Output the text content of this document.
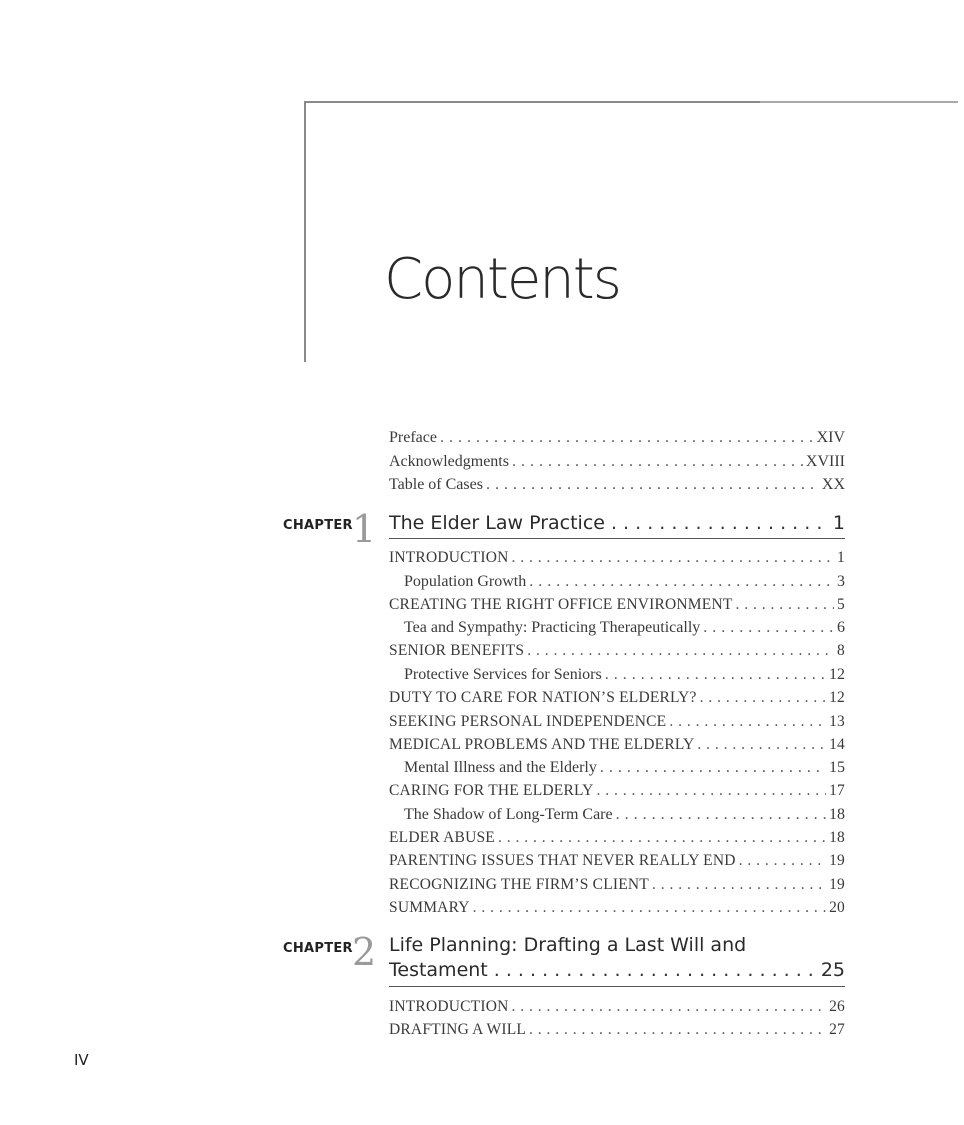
Contents
Preface . . .	XIV
Acknowledgments . . .	XVIII
Table of Cases . . .	XX
CHAPTER 1 The Elder Law Practice . . .	1
INTRODUCTION . . .	1
Population Growth . . .	3
CREATING THE RIGHT OFFICE ENVIRONMENT . . .	5
Tea and Sympathy: Practicing Therapeutically . . .	6
SENIOR BENEFITS . . .	8
Protective Services for Seniors . . .	12
DUTY TO CARE FOR NATION’S ELDERLY? . . .	12
SEEKING PERSONAL INDEPENDENCE . . .	13
MEDICAL PROBLEMS AND THE ELDERLY . . .	14
Mental Illness and the Elderly . . .	15
CARING FOR THE ELDERLY . . .	17
The Shadow of Long-Term Care . . .	18
ELDER ABUSE . . .	18
PARENTING ISSUES THAT NEVER REALLY END . . .	19
RECOGNIZING THE FIRM’S CLIENT . . .	19
SUMMARY . . .	20
CHAPTER 2 Life Planning: Drafting a Last Will and
Testament . . .	25
INTRODUCTION . . .	26
DRAFTING A WILL . . .	27
IV
